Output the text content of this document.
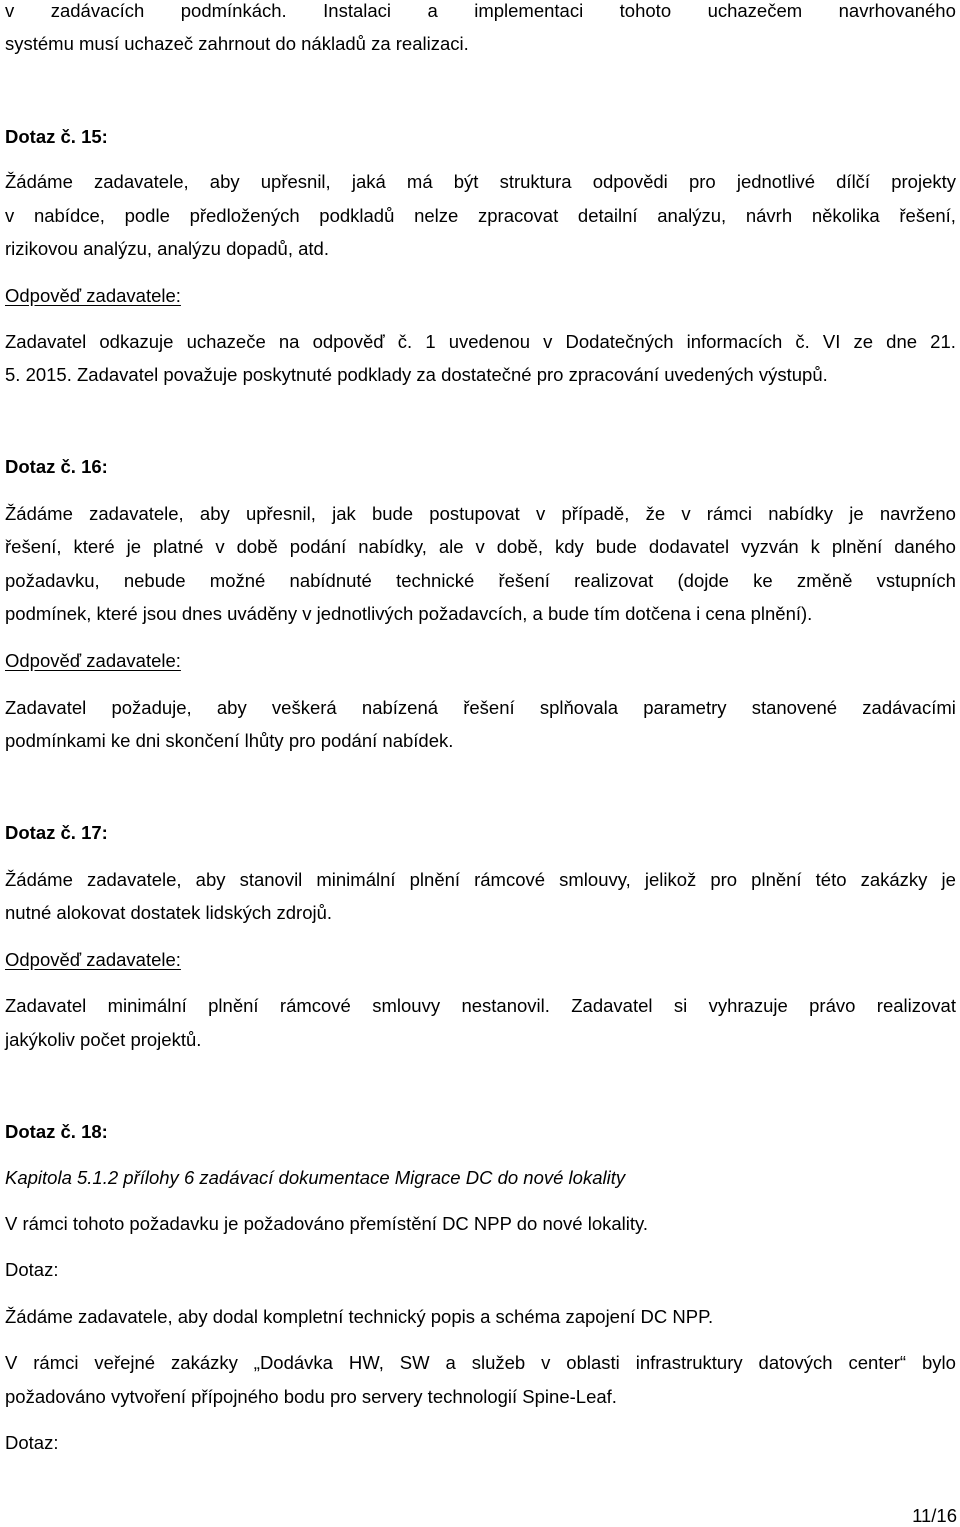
v zadávacích podmínkách. Instalaci a implementaci tohoto uchazečem navrhovaného
systému musí uchazeč zahrnout do nákladů za realizaci.
Dotaz č. 15:
Žádáme zadavatele, aby upřesnil, jaká má být struktura odpovědi pro jednotlivé dílčí projekty
v nabídce, podle předložených podkladů nelze zpracovat detailní analýzu, návrh několika řešení,
rizikovou analýzu, analýzu dopadů, atd.
Odpověď zadavatele:
Zadavatel odkazuje uchazeče na odpověď č. 1 uvedenou v Dodatečných informacích č. VI ze dne 21.
5. 2015. Zadavatel považuje poskytnuté podklady za dostatečné pro zpracování uvedených výstupů.
Dotaz č. 16:
Žádáme zadavatele, aby upřesnil, jak bude postupovat v případě, že v rámci nabídky je navrženo
řešení, které je platné v době podání nabídky, ale v době, kdy bude dodavatel vyzván k plnění daného
požadavku, nebude možné nabídnuté technické řešení realizovat (dojde ke změně vstupních
podmínek, které jsou dnes uváděny v jednotlivých požadavcích, a bude tím dotčena i cena plnění).
Odpověď zadavatele:
Zadavatel požaduje, aby veškerá nabízená řešení splňovala parametry stanovené zadávacími
podmínkami ke dni skončení lhůty pro podání nabídek.
Dotaz č. 17:
Žádáme zadavatele, aby stanovil minimální plnění rámcové smlouvy, jelikož pro plnění této zakázky je
nutné alokovat dostatek lidských zdrojů.
Odpověď zadavatele:
Zadavatel minimální plnění rámcové smlouvy nestanovil. Zadavatel si vyhrazuje právo realizovat
jakýkoliv počet projektů.
Dotaz č. 18:
Kapitola 5.1.2 přílohy 6 zadávací dokumentace Migrace DC do nové lokality
V rámci tohoto požadavku je požadováno přemístění DC NPP do nové lokality.
Dotaz:
Žádáme zadavatele, aby dodal kompletní technický popis a schéma zapojení DC NPP.
V rámci veřejné zakázky „Dodávka HW, SW a služeb v oblasti infrastruktury datových center“ bylo
požadováno vytvoření přípojného bodu pro servery technologií Spine-Leaf.
Dotaz:
11/16
